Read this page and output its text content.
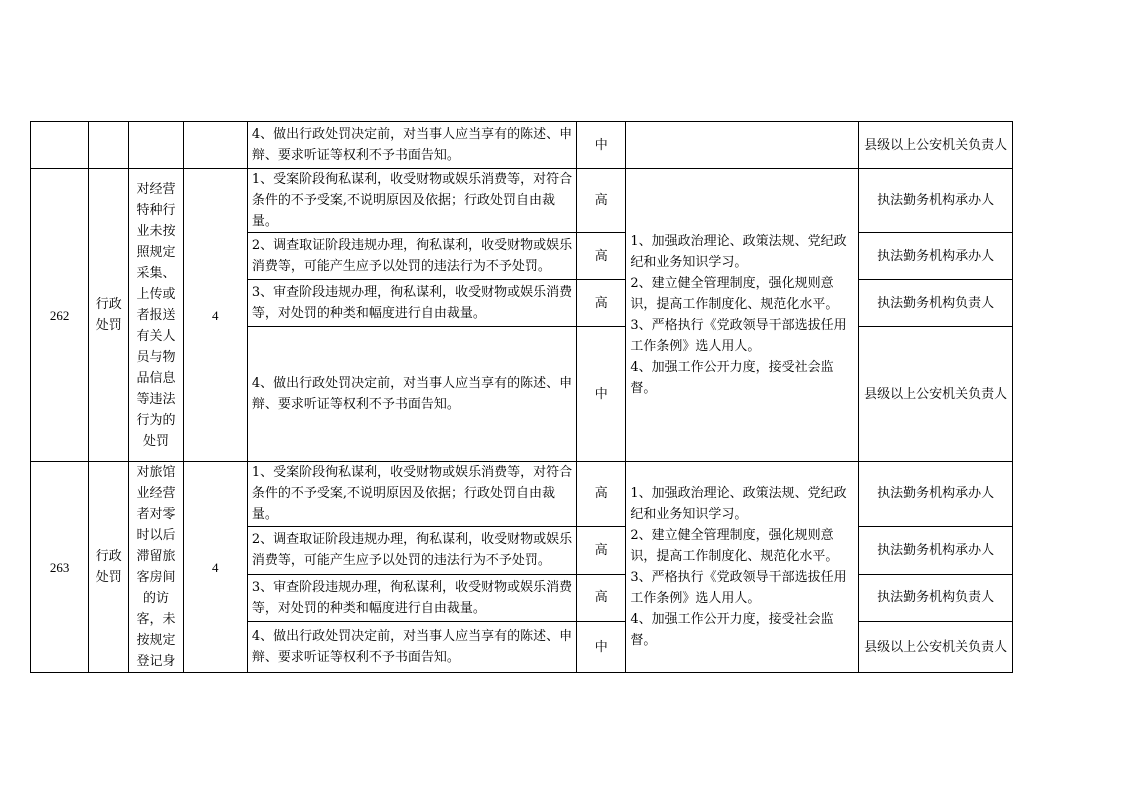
				4、做出行政处罚决定前，对当事人应当享有的陈述、申辩、要求听证等权利不予书面告知。	中		县级以上公安机关负责人
262	行政处罚	对经营特种行业未按照规定采集、上传或者报送有关人员与物品信息等违法行为的处罚	4	1、受案阶段徇私谋利，收受财物或娱乐消费等，对符合条件的不予受案,不说明原因及依据；行政处罚自由裁量。	高	1、加强政治理论、政策法规、党纪政纪和业务知识学习。
2、建立健全管理制度，强化规则意识，提高工作制度化、规范化水平。
3、严格执行《党政领导干部选拔任用工作条例》选人用人。
4、加强工作公开力度，接受社会监督。	执法勤务机构承办人
				2、调查取证阶段违规办理，徇私谋利，收受财物或娱乐消费等，可能产生应予以处罚的违法行为不予处罚。	高		执法勤务机构承办人
				3、审查阶段违规办理，徇私谋利，收受财物或娱乐消费等，对处罚的种类和幅度进行自由裁量。	高		执法勤务机构负责人
				4、做出行政处罚决定前，对当事人应当享有的陈述、申辩、要求听证等权利不予书面告知。	中		县级以上公安机关负责人
263	行政处罚	对旅馆业经营者对零时以后滞留旅客房间的访客，未按规定登记身	4	1、受案阶段徇私谋利，收受财物或娱乐消费等，对符合条件的不予受案,不说明原因及依据；行政处罚自由裁量。	高	1、加强政治理论、政策法规、党纪政纪和业务知识学习。
2、建立健全管理制度，强化规则意识，提高工作制度化、规范化水平。
3、严格执行《党政领导干部选拔任用工作条例》选人用人。
4、加强工作公开力度，接受社会监督。	执法勤务机构承办人
				2、调查取证阶段违规办理，徇私谋利，收受财物或娱乐消费等，可能产生应予以处罚的违法行为不予处罚。	高		执法勤务机构承办人
				3、审查阶段违规办理，徇私谋利，收受财物或娱乐消费等，对处罚的种类和幅度进行自由裁量。	高		执法勤务机构负责人
				4、做出行政处罚决定前，对当事人应当享有的陈述、申辩、要求听证等权利不予书面告知。	中		县级以上公安机关负责人
